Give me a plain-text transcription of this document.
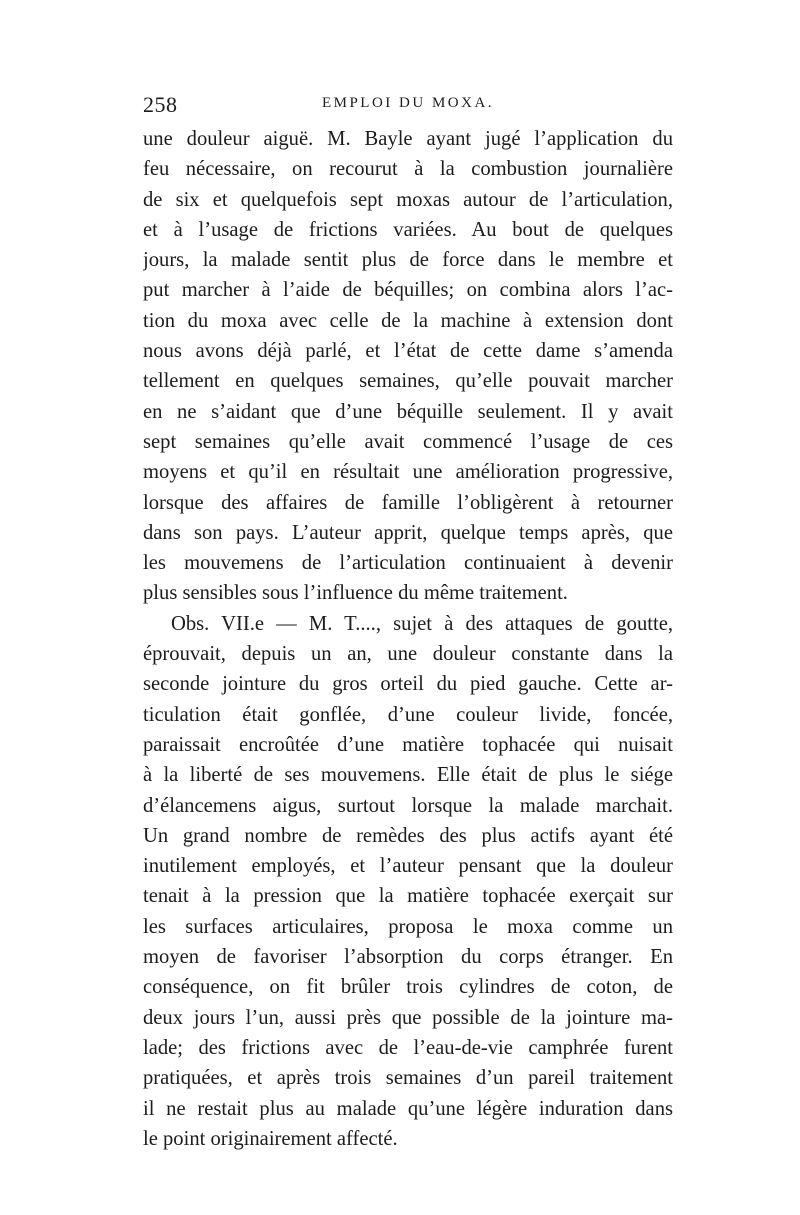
258	EMPLOI DU MOXA.
une douleur aiguë. M. Bayle ayant jugé l’application du
feu nécessaire, on recourut à la combustion journalière
de six et quelquefois sept moxas autour de l’articulation,
et à l’usage de frictions variées. Au bout de quelques
jours, la malade sentit plus de force dans le membre et
put marcher à l’aide de béquilles; on combina alors l’ac-
tion du moxa avec celle de la machine à extension dont
nous avons déjà parlé, et l’état de cette dame s’amenda
tellement en quelques semaines, qu’elle pouvait marcher
en ne s’aidant que d’une béquille seulement. Il y avait
sept semaines qu’elle avait commencé l’usage de ces
moyens et qu’il en résultait une amélioration progressive,
lorsque des affaires de famille l’obligèrent à retourner
dans son pays. L’auteur apprit, quelque temps après, que
les mouvemens de l’articulation continuaient à devenir
plus sensibles sous l’influence du même traitement.
Obs. VII.e — M. T...., sujet à des attaques de goutte,
éprouvait, depuis un an, une douleur constante dans la
seconde jointure du gros orteil du pied gauche. Cette ar-
ticulation était gonflée, d’une couleur livide, foncée,
paraissait encroûtée d’une matière tophacée qui nuisait
à la liberté de ses mouvemens. Elle était de plus le siége
d’élancemens aigus, surtout lorsque la malade marchait.
Un grand nombre de remèdes des plus actifs ayant été
inutilement employés, et l’auteur pensant que la douleur
tenait à la pression que la matière tophacée exerçait sur
les surfaces articulaires, proposa le moxa comme un
moyen de favoriser l’absorption du corps étranger. En
conséquence, on fit brûler trois cylindres de coton, de
deux jours l’un, aussi près que possible de la jointure ma-
lade; des frictions avec de l’eau-de-vie camphrée furent
pratiquées, et après trois semaines d’un pareil traitement
il ne restait plus au malade qu’une légère induration dans
le point originairement affecté.
